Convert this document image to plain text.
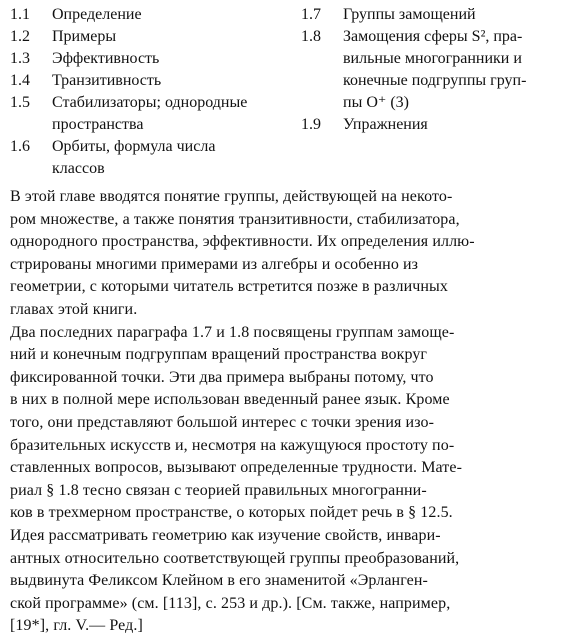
1.1 Определение
1.2 Примеры
1.3 Эффективность
1.4 Транзитивность
1.5 Стабилизаторы; однородные
пространства
1.6 Орбиты, формула числа
классов
1.7 Группы замощений
1.8 Замощения сферы S², пра-
вильные многогранники и
конечные подгруппы груп-
пы O⁺ (3)
1.9 Упражнения

В этой главе вводятся понятие группы, действующей на некото-
ром множестве, а также понятия транзитивности, стабилизатора,
однородного пространства, эффективности. Их определения иллю-
стрированы многими примерами из алгебры и особенно из
геометрии, с которыми читатель встретится позже в различных
главах этой книги.

Два последних параграфа 1.7 и 1.8 посвящены группам замоще-
ний и конечным подгруппам вращений пространства вокруг
фиксированной точки. Эти два примера выбраны потому, что
в них в полной мере использован введенный ранее язык. Кроме
того, они представляют большой интерес с точки зрения изо-
бразительных искусств и, несмотря на кажущуюся простоту по-
ставленных вопросов, вызывают определенные трудности. Мате-
риал § 1.8 тесно связан с теорией правильных многогранни-
ков в трехмерном пространстве, о которых пойдет речь в § 12.5.
Идея рассматривать геометрию как изучение свойств, инвари-
антных относительно соответствующей группы преобразований,
выдвинута Феликсом Клейном в его знаменитой «Эрланген-
ской программе» (см. [113], с. 253 и др.). [См. также, например,
[19*], гл. V.— Ред.]
